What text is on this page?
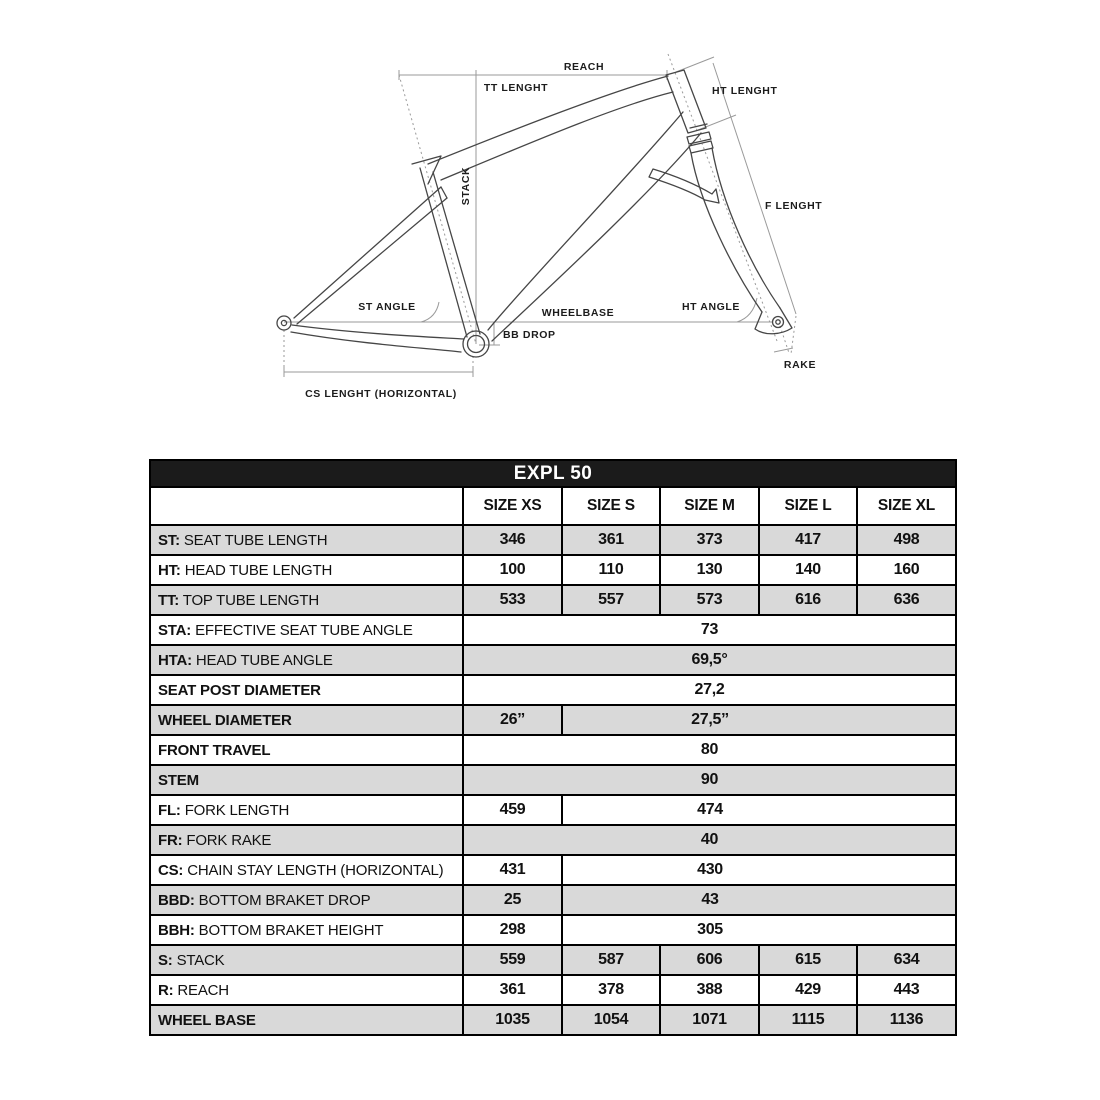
REACH
TT LENGHT	HT LENGHT
STACK
F LENGHT
ST ANGLE	WHEELBASE
BB DROP
HT ANGLE
RAKE
CS LENGHT (HORIZONTAL)
EXPL 50					
	SIZE XS	SIZE S	SIZE M	SIZE L	SIZE XL
ST: SEAT TUBE LENGTH	346	361	373	417	498
HT: HEAD TUBE LENGTH	100	110	130	140	160
TT: TOP TUBE LENGTH	533	557	573	616	636
STA: EFFECTIVE SEAT TUBE ANGLE	73				
HTA: HEAD TUBE ANGLE	69,5°				
SEAT POST DIAMETER	27,2				
WHEEL DIAMETER	26’’	27,5’’			
FRONT TRAVEL	80				
STEM	90				
FL: FORK LENGTH	459	474			
FR: FORK RAKE	40				
CS: CHAIN STAY LENGTH (HORIZONTAL)	431	430			
BBD: BOTTOM BRAKET DROP	25	43			
BBH: BOTTOM BRAKET HEIGHT	298	305			
S: STACK	559	587	606	615	634
R: REACH	361	378	388	429	443
WHEEL BASE	1035	1054	1071	1115	1136
